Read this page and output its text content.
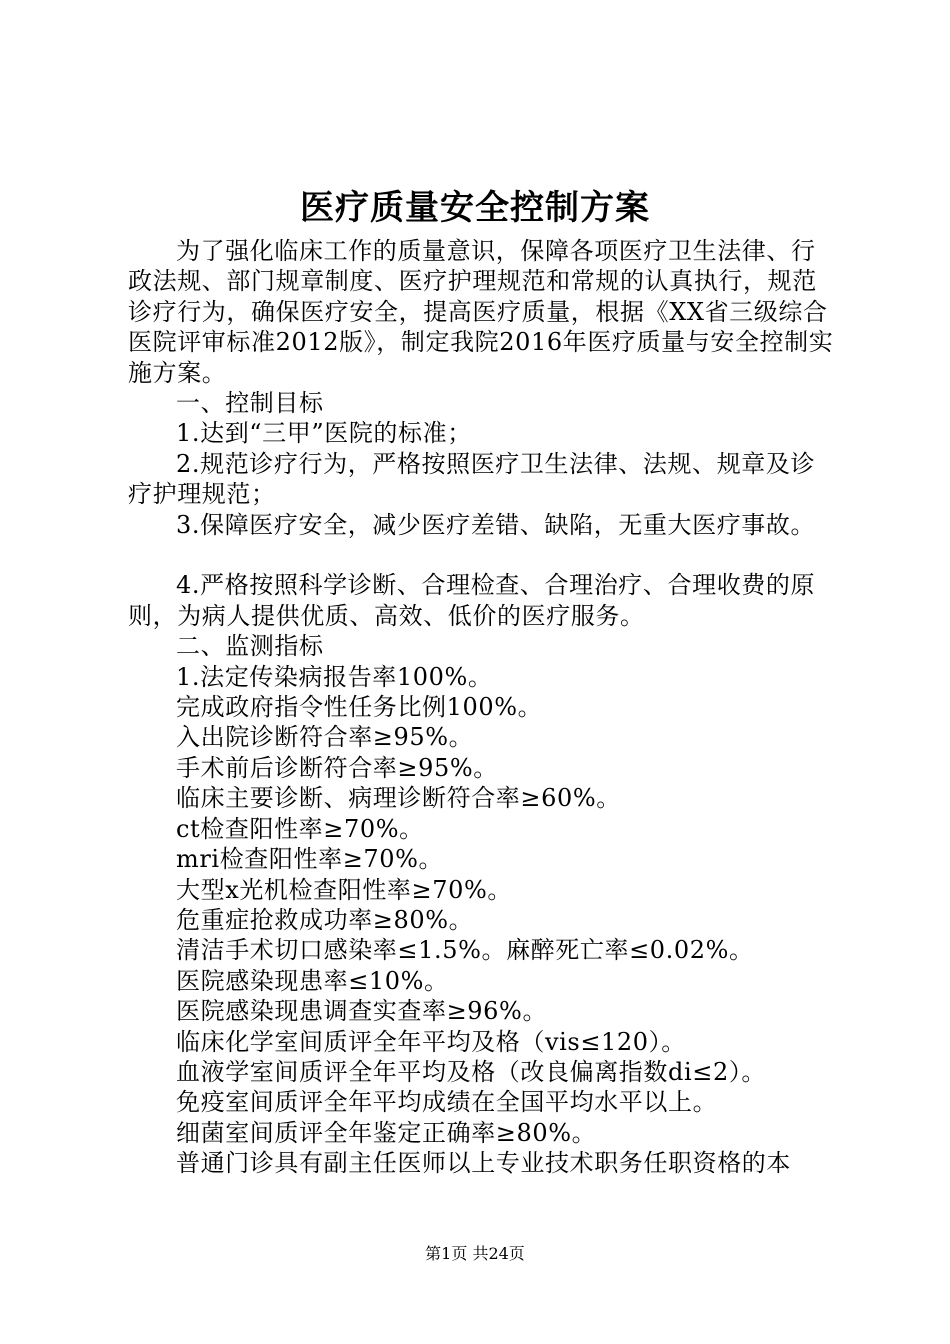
医疗质量安全控制方案

为了强化临床工作的质量意识，保障各项医疗卫生法律、行政法规、部门规章制度、医疗护理规范和常规的认真执行，规范诊疗行为，确保医疗安全，提高医疗质量，根据《XX省三级综合医院评审标准2012版》，制定我院2016年医疗质量与安全控制实施方案。

一、控制目标

1.达到“三甲”医院的标准；

2.规范诊疗行为，严格按照医疗卫生法律、法规、规章及诊疗护理规范；

3.保障医疗安全，减少医疗差错、缺陷，无重大医疗事故。

4.严格按照科学诊断、合理检查、合理治疗、合理收费的原则，为病人提供优质、高效、低价的医疗服务。

二、监测指标

1.法定传染病报告率100%。

完成政府指令性任务比例100%。

入出院诊断符合率≥95%。

手术前后诊断符合率≥95%。

临床主要诊断、病理诊断符合率≥60%。

ct检查阳性率≥70%。

mri检查阳性率≥70%。

大型x光机检查阳性率≥70%。

危重症抢救成功率≥80%。

清洁手术切口感染率≤1.5%。麻醉死亡率≤0.02%。

医院感染现患率≤10%。

医院感染现患调查实查率≥96%。

临床化学室间质评全年平均及格（vis≤120）。

血液学室间质评全年平均及格（改良偏离指数di≤2）。

免疫室间质评全年平均成绩在全国平均水平以上。

细菌室间质评全年鉴定正确率≥80%。

普通门诊具有副主任医师以上专业技术职务任职资格的本

第1页 共24页
